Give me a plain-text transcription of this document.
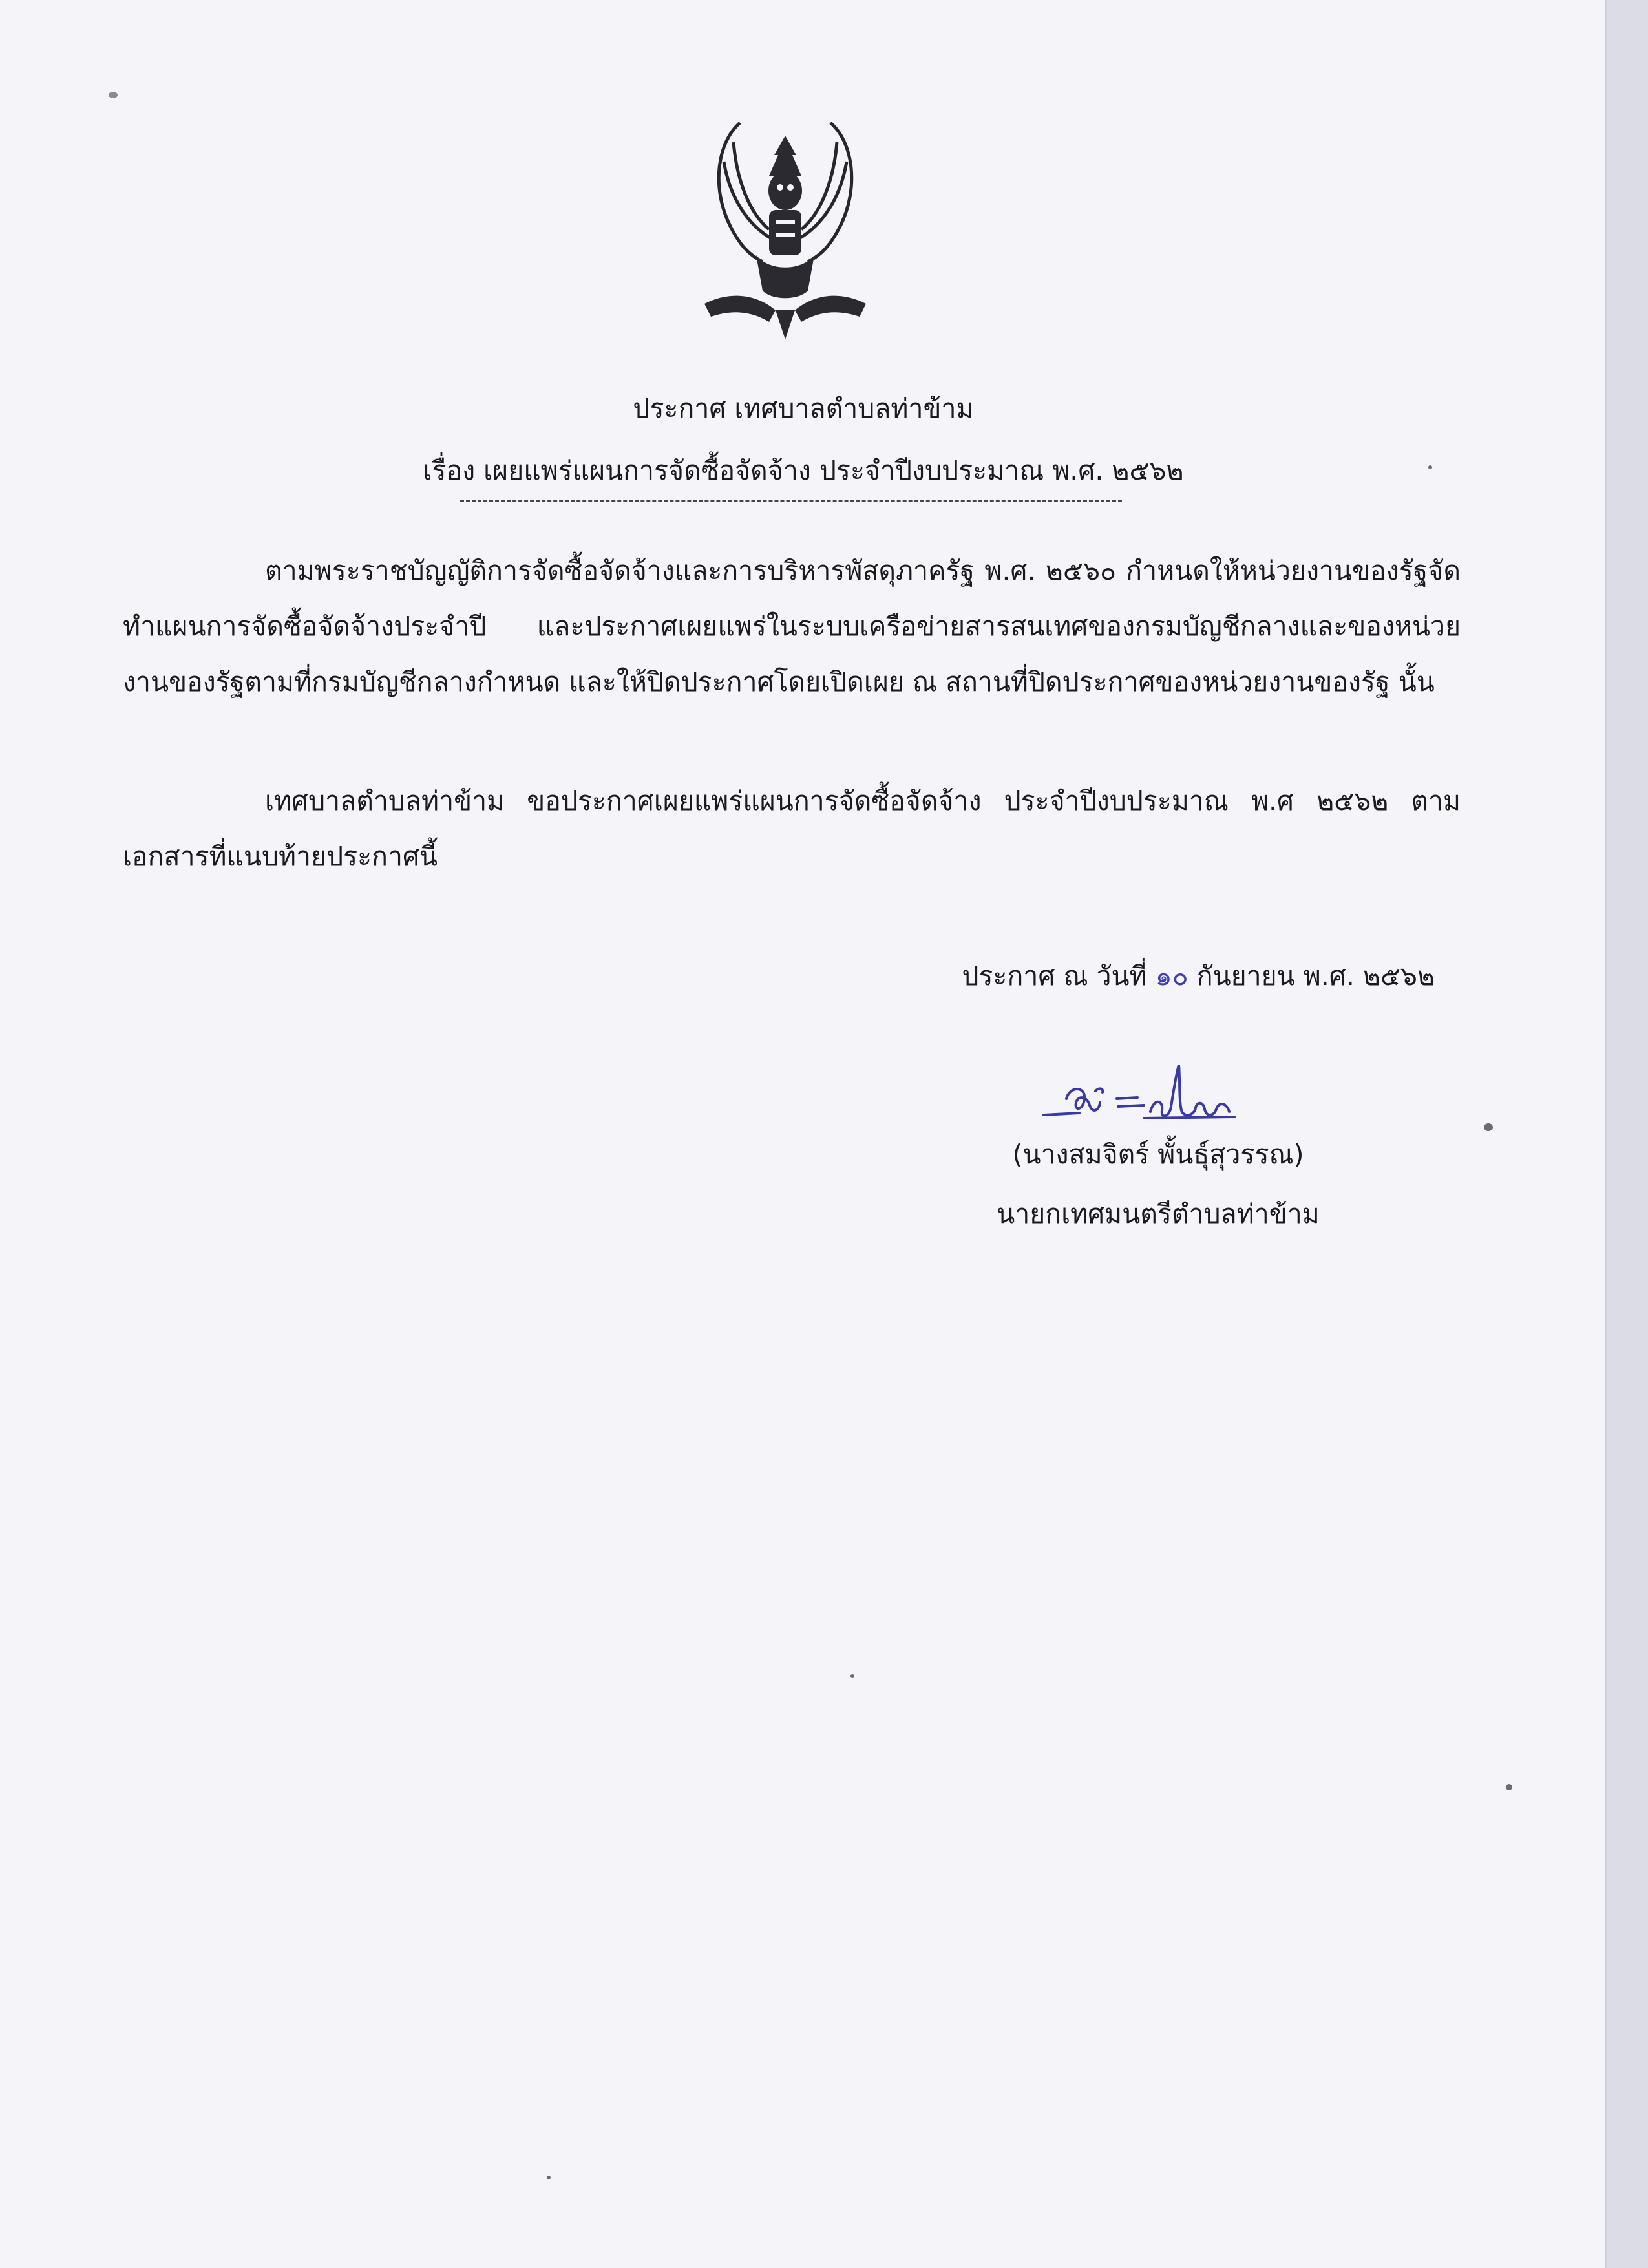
ประกาศ เทศบาลตำบลท่าข้าม
เรื่อง เผยแพร่แผนการจัดซื้อจัดจ้าง ประจำปีงบประมาณ พ.ศ. ๒๕๖๒
ตามพระราชบัญญัติการจัดซื้อจัดจ้างและการบริหารพัสดุภาครัฐ พ.ศ. ๒๕๖๐ กำหนดให้หน่วยงานของรัฐจัดทำแผนการจัดซื้อจัดจ้างประจำปี และประกาศเผยแพร่ในระบบเครือข่ายสารสนเทศของกรมบัญชีกลางและของหน่วยงานของรัฐตามที่กรมบัญชีกลางกำหนด และให้ปิดประกาศโดยเปิดเผย ณ สถานที่ปิดประกาศของหน่วยงานของรัฐ นั้น
เทศบาลตำบลท่าข้าม ขอประกาศเผยแพร่แผนการจัดซื้อจัดจ้าง ประจำปีงบประมาณ พ.ศ ๒๕๖๒ ตามเอกสารที่แนบท้ายประกาศนี้
ประกาศ ณ วันที่ ๑๐ กันยายน พ.ศ. ๒๕๖๒
(นางสมจิตร์ พั้นธุ์สุวรรณ)
นายกเทศมนตรีตำบลท่าข้าม
